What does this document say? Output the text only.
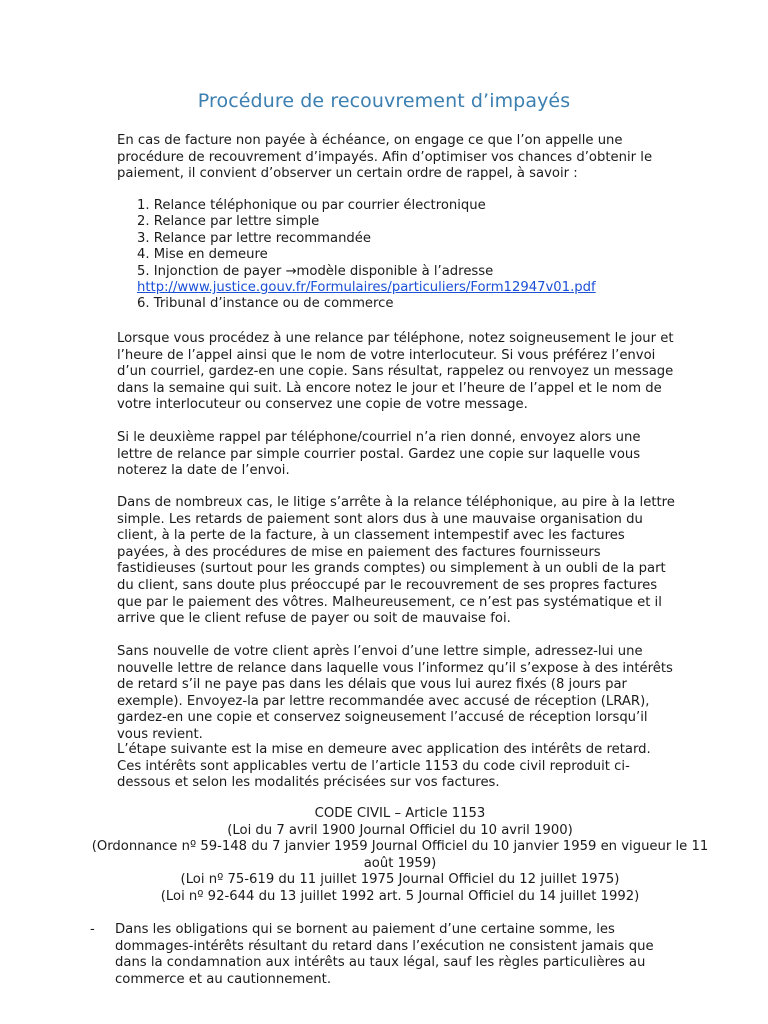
Procédure de recouvrement d’impayés

En cas de facture non payée à échéance, on engage ce que l’on appelle une procédure de recouvrement d’impayés. Afin d’optimiser vos chances d’obtenir le paiement, il convient d’observer un certain ordre de rappel, à savoir :

1. Relance téléphonique ou par courrier électronique
2. Relance par lettre simple
3. Relance par lettre recommandée
4. Mise en demeure
5. Injonction de payer →modèle disponible à l’adresse
http://www.justice.gouv.fr/Formulaires/particuliers/Form12947v01.pdf
6. Tribunal d’instance ou de commerce

Lorsque vous procédez à une relance par téléphone, notez soigneusement le jour et l’heure de l’appel ainsi que le nom de votre interlocuteur. Si vous préférez l’envoi d’un courriel, gardez-en une copie. Sans résultat, rappelez ou renvoyez un message dans la semaine qui suit. Là encore notez le jour et l’heure de l’appel et le nom de votre interlocuteur ou conservez une copie de votre message.

Si le deuxième rappel par téléphone/courriel n’a rien donné, envoyez alors une lettre de relance par simple courrier postal. Gardez une copie sur laquelle vous noterez la date de l’envoi.

Dans de nombreux cas, le litige s’arrête à la relance téléphonique, au pire à la lettre simple. Les retards de paiement sont alors dus à une mauvaise organisation du client, à la perte de la facture, à un classement intempestif avec les factures payées, à des procédures de mise en paiement des factures fournisseurs fastidieuses (surtout pour les grands comptes) ou simplement à un oubli de la part du client, sans doute plus préoccupé par le recouvrement de ses propres factures que par le paiement des vôtres. Malheureusement, ce n’est pas systématique et il arrive que le client refuse de payer ou soit de mauvaise foi.

Sans nouvelle de votre client après l’envoi d’une lettre simple, adressez-lui une nouvelle lettre de relance dans laquelle vous l’informez qu’il s’expose à des intérêts de retard s’il ne paye pas dans les délais que vous lui aurez fixés (8 jours par exemple). Envoyez-la par lettre recommandée avec accusé de réception (LRAR), gardez-en une copie et conservez soigneusement l’accusé de réception lorsqu’il vous revient.

L’étape suivante est la mise en demeure avec application des intérêts de retard. Ces intérêts sont applicables vertu de l’article 1153 du code civil reproduit ci-dessous et selon les modalités précisées sur vos factures.

CODE CIVIL – Article 1153
(Loi du 7 avril 1900 Journal Officiel du 10 avril 1900)
(Ordonnance nº 59-148 du 7 janvier 1959 Journal Officiel du 10 janvier 1959 en vigueur le 11 août 1959)
(Loi nº 75-619 du 11 juillet 1975 Journal Officiel du 12 juillet 1975)
(Loi nº 92-644 du 13 juillet 1992 art. 5 Journal Officiel du 14 juillet 1992)
- Dans les obligations qui se bornent au paiement d’une certaine somme, les dommages-intérêts résultant du retard dans l’exécution ne consistent jamais que dans la condamnation aux intérêts au taux légal, sauf les règles particulières au commerce et au cautionnement.
